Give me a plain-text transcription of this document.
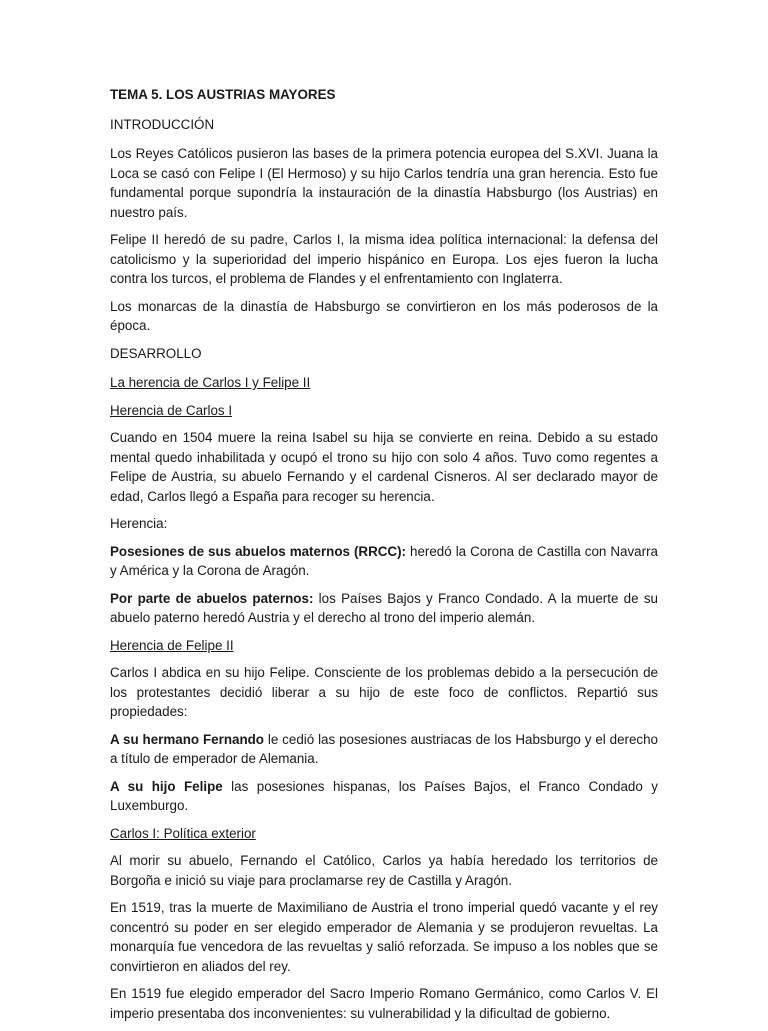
TEMA 5. LOS AUSTRIAS MAYORES

INTRODUCCIÓN

Los Reyes Católicos pusieron las bases de la primera potencia europea del S.XVI. Juana la Loca se casó con Felipe I (El Hermoso) y su hijo Carlos tendría una gran herencia. Esto fue fundamental porque supondría la instauración de la dinastía Habsburgo (los Austrias) en nuestro país.

Felipe II heredó de su padre, Carlos I, la misma idea política internacional: la defensa del catolicismo y la superioridad del imperio hispánico en Europa. Los ejes fueron la lucha contra los turcos, el problema de Flandes y el enfrentamiento con Inglaterra.

Los monarcas de la dinastía de Habsburgo se convirtieron en los más poderosos de la época.

DESARROLLO

La herencia de Carlos I y Felipe II

Herencia de Carlos I

Cuando en 1504 muere la reina Isabel su hija se convierte en reina. Debido a su estado mental quedo inhabilitada y ocupó el trono su hijo con solo 4 años. Tuvo como regentes a Felipe de Austria, su abuelo Fernando y el cardenal Cisneros. Al ser declarado mayor de edad, Carlos llegó a España para recoger su herencia.

Herencia:

Posesiones de sus abuelos maternos (RRCC): heredó la Corona de Castilla con Navarra y América y la Corona de Aragón.

Por parte de abuelos paternos: los Países Bajos y Franco Condado. A la muerte de su abuelo paterno heredó Austria y el derecho al trono del imperio alemán.

Herencia de Felipe II

Carlos I abdica en su hijo Felipe. Consciente de los problemas debido a la persecución de los protestantes decidió liberar a su hijo de este foco de conflictos. Repartió sus propiedades:

A su hermano Fernando le cedió las posesiones austriacas de los Habsburgo y el derecho a título de emperador de Alemania.

A su hijo Felipe las posesiones hispanas, los Países Bajos, el Franco Condado y Luxemburgo.

Carlos I: Política exterior

Al morir su abuelo, Fernando el Católico, Carlos ya había heredado los territorios de Borgoña e inició su viaje para proclamarse rey de Castilla y Aragón.

En 1519, tras la muerte de Maximiliano de Austria el trono imperial quedó vacante y el rey concentró su poder en ser elegido emperador de Alemania y se produjeron revueltas. La monarquía fue vencedora de las revueltas y salió reforzada. Se impuso a los nobles que se convirtieron en aliados del rey.

En 1519 fue elegido emperador del Sacro Imperio Romano Germánico, como Carlos V. El imperio presentaba dos inconvenientes: su vulnerabilidad y la dificultad de gobierno.
